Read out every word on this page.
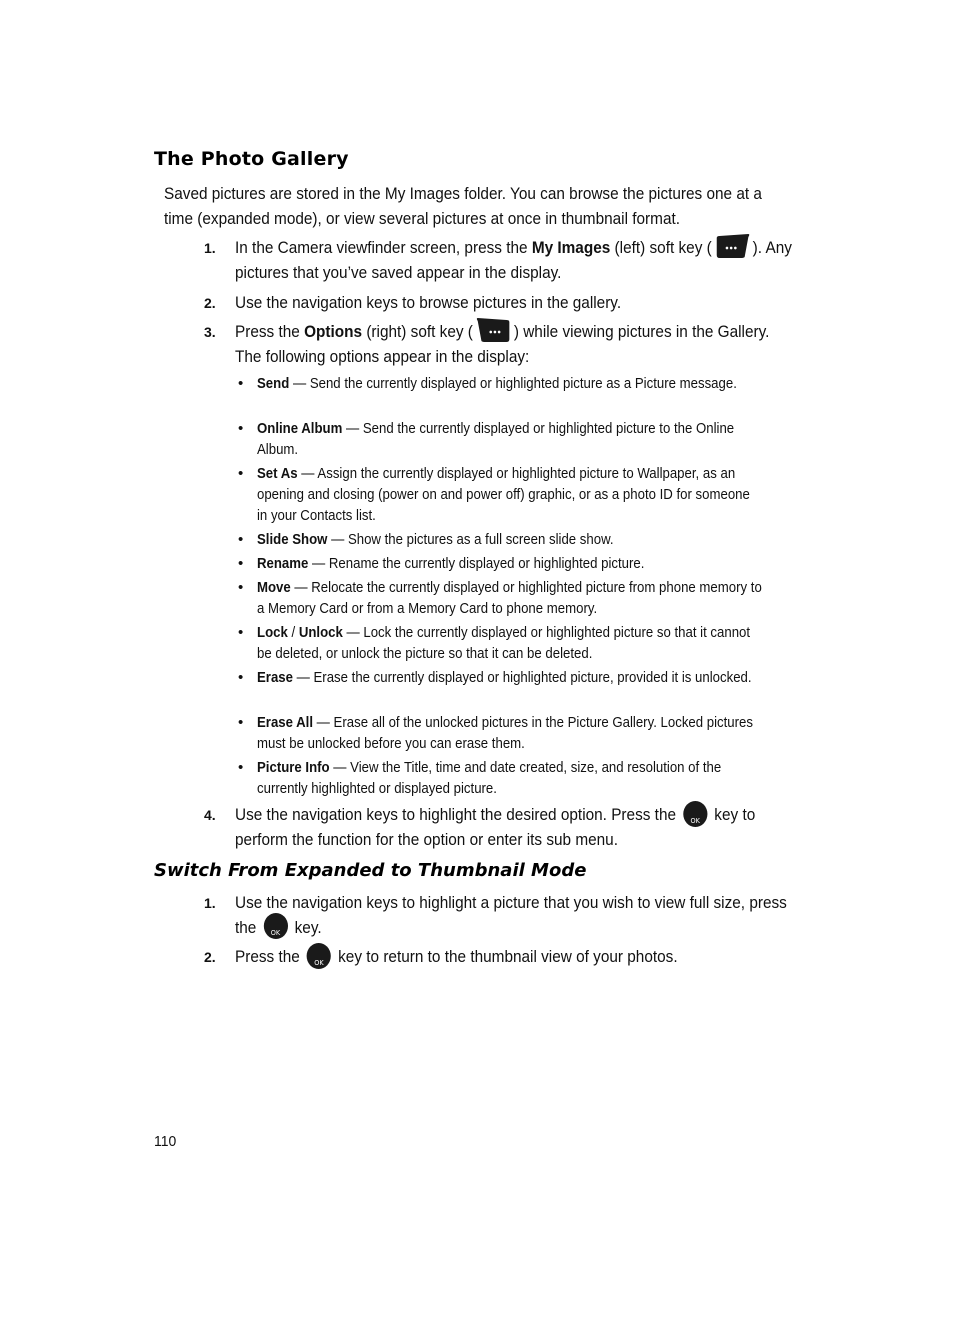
The Photo Gallery

Saved pictures are stored in the My Images folder. You can browse the pictures one at a time (expanded mode), or view several pictures at once in thumbnail format.

1.	In the Camera viewfinder screen, press the My Images (left) soft key ( ). Any pictures that you’ve saved appear in the display.
2.	Use the navigation keys to browse pictures in the gallery.
3.	Press the Options (right) soft key ( ) while viewing pictures in the Gallery. The following options appear in the display:
• Send — Send the currently displayed or highlighted picture as a Picture message.
• Online Album — Send the currently displayed or highlighted picture to the Online Album.
• Set As — Assign the currently displayed or highlighted picture to Wallpaper, as an opening and closing (power on and power off) graphic, or as a photo ID for someone in your Contacts list.
• Slide Show — Show the pictures as a full screen slide show.
• Rename — Rename the currently displayed or highlighted picture.
• Move — Relocate the currently displayed or highlighted picture from phone memory to a Memory Card or from a Memory Card to phone memory.
• Lock / Unlock — Lock the currently displayed or highlighted picture so that it cannot be deleted, or unlock the picture so that it can be deleted.
• Erase — Erase the currently displayed or highlighted picture, provided it is unlocked.
• Erase All — Erase all of the unlocked pictures in the Picture Gallery. Locked pictures must be unlocked before you can erase them.
• Picture Info — View the Title, time and date created, size, and resolution of the currently highlighted or displayed picture.
4.	Use the navigation keys to highlight the desired option. Press the	OK key to perform the function for the option or enter its sub menu.
Switch From Expanded to Thumbnail Mode
1.	Use the navigation keys to highlight a picture that you wish to view full size, press the	OK key.
2.	Press the	OK key to return to the thumbnail view of your photos.
110
